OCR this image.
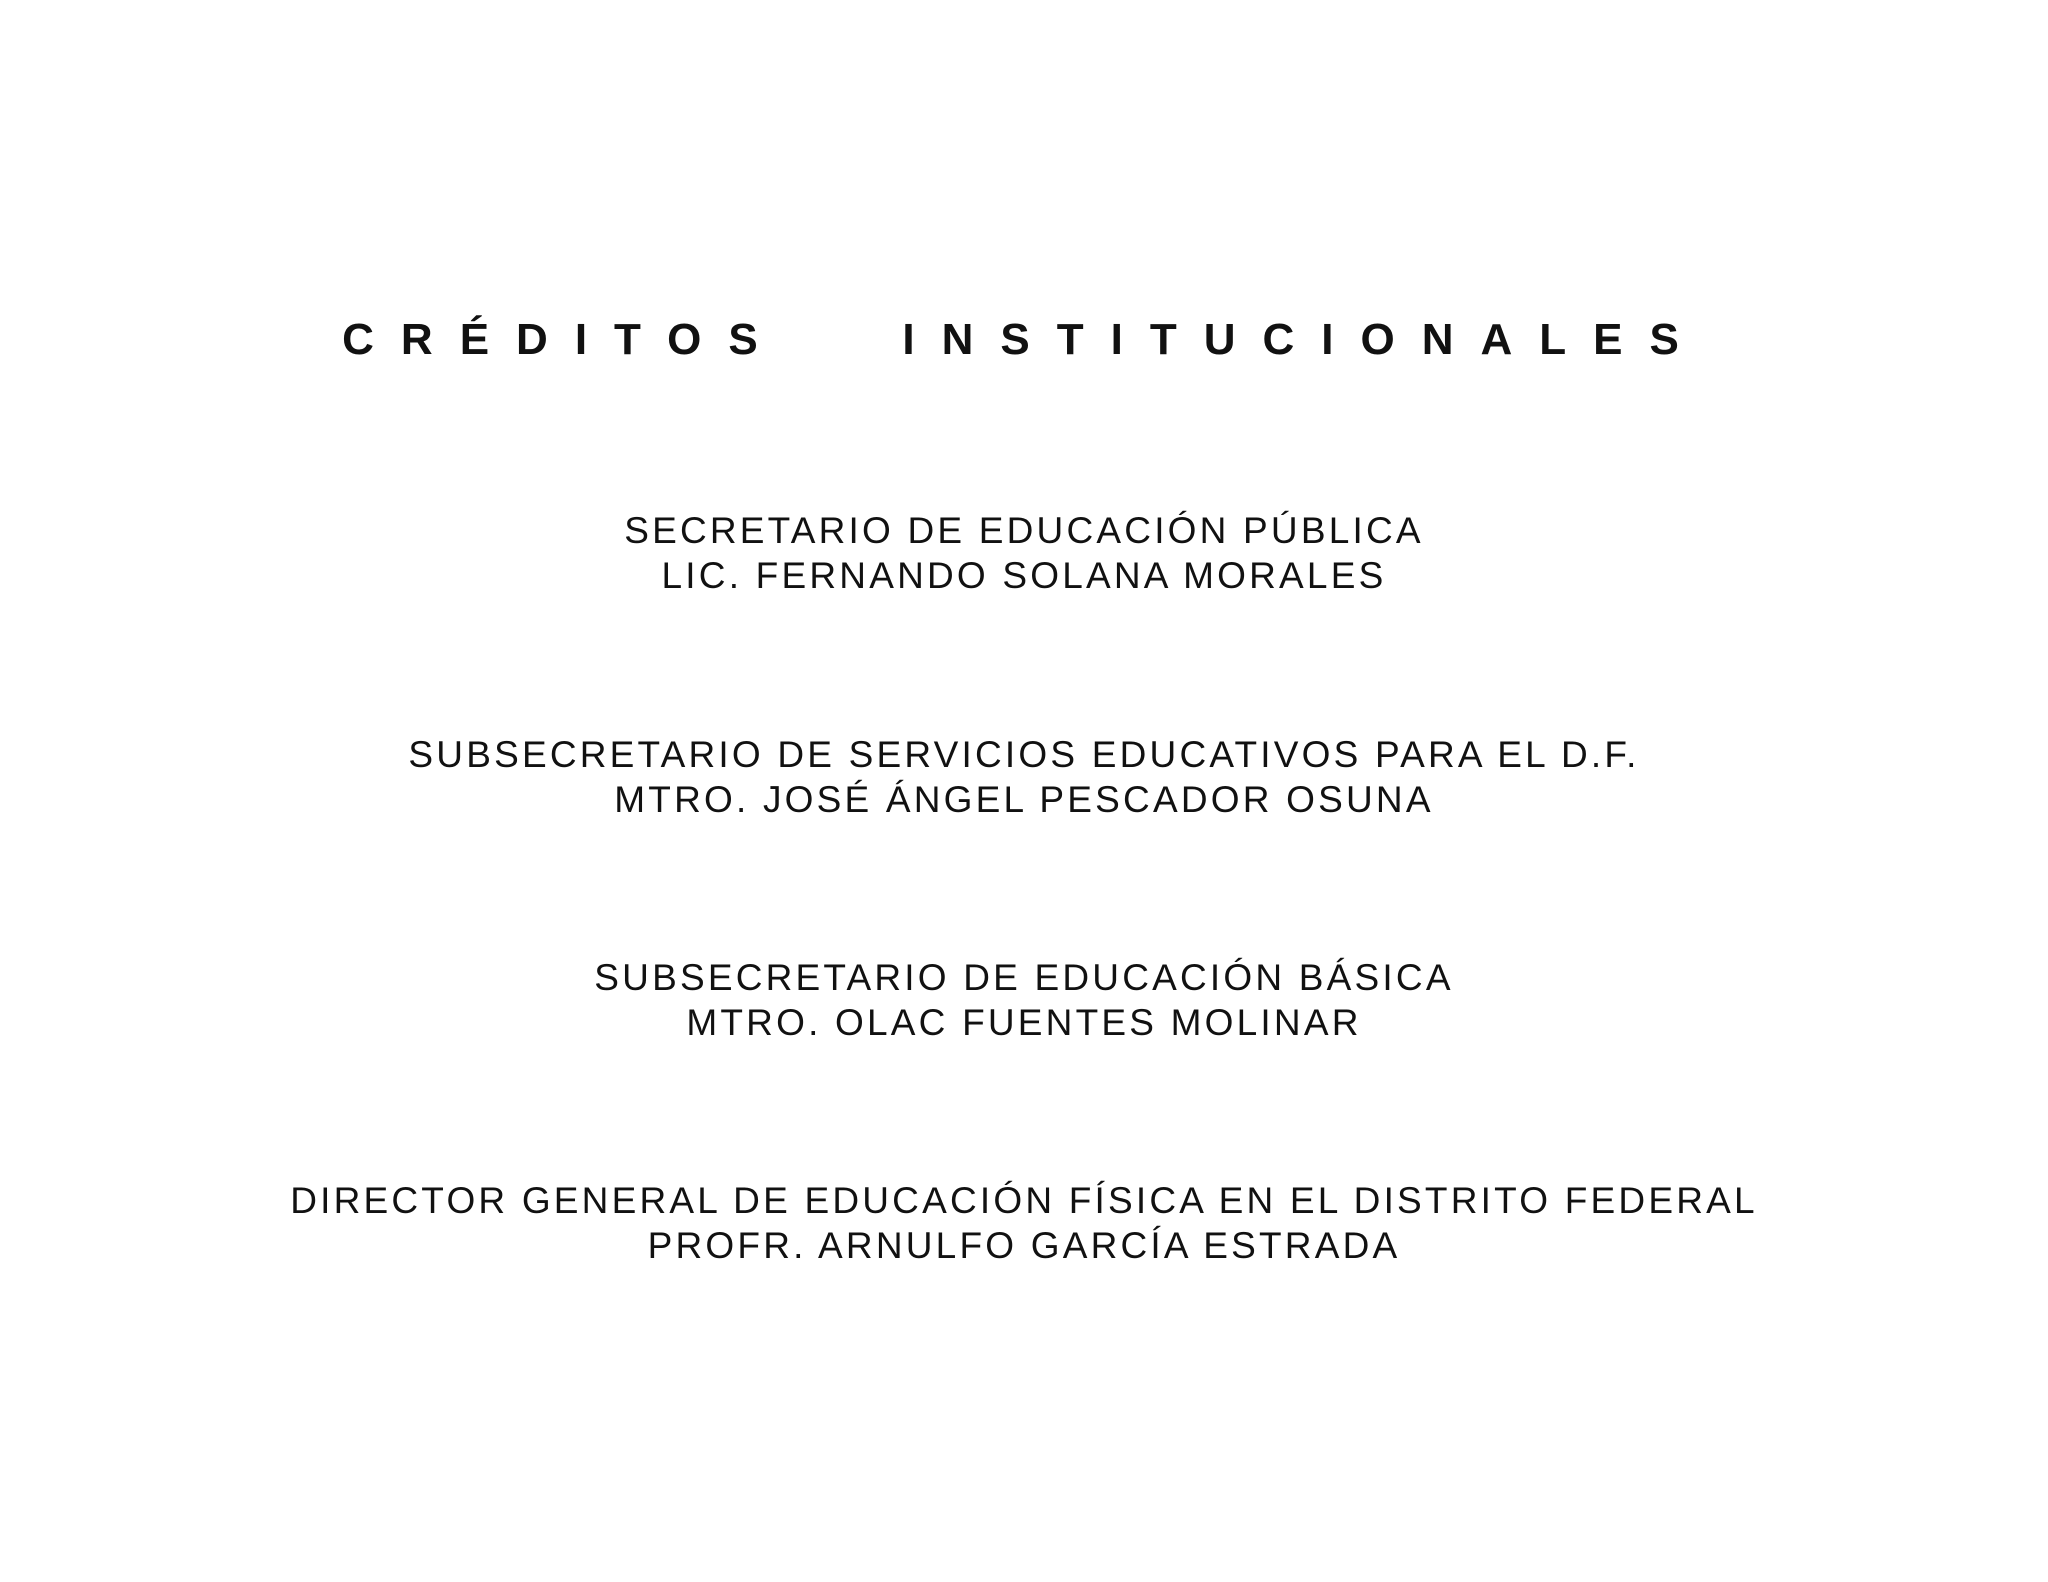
CRÉDITOS   INSTITUCIONALES
SECRETARIO DE EDUCACIÓN PÚBLICA
LIC. FERNANDO SOLANA MORALES
SUBSECRETARIO DE SERVICIOS EDUCATIVOS PARA EL D.F.
MTRO. JOSÉ ÁNGEL PESCADOR OSUNA
SUBSECRETARIO DE EDUCACIÓN BÁSICA
MTRO. OLAC FUENTES MOLINAR
DIRECTOR GENERAL DE EDUCACIÓN FÍSICA EN EL DISTRITO FEDERAL
PROFR. ARNULFO GARCÍA ESTRADA
